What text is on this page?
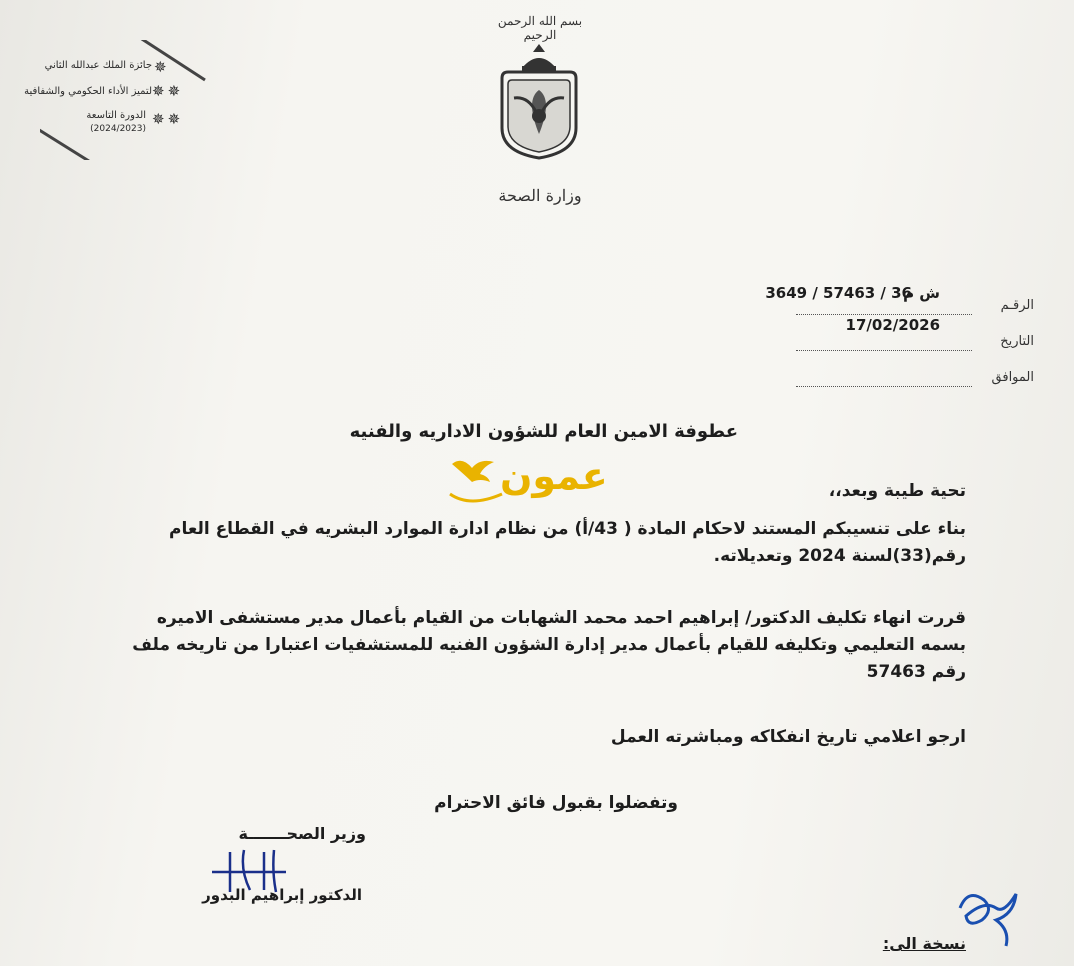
جائزة الملك عبدالله الثاني
لتميز الأداء الحكومي والشفافية
الدورة التاسعة
(2024/2023)
✵
✵✵
✵✵
بسم الله الرحمن الرحيم
وزارة الصحة
الرقـم
ش م
3649 / 57463 / 36
التاريخ
17/02/2026
الموافق
عطوفة الامين العام للشؤون الاداريه والفنيه
تحية طيبة وبعد،،
بناء على تنسيبكم المستند لاحكام المادة ( 43/أ) من نظام ادارة الموارد البشريه في القطاع العام
رقم(33)لسنة 2024 وتعديلاته.
قررت انهاء تكليف الدكتور/ إبراهيم احمد محمد الشهابات من القيام بأعمال مدير مستشفى الاميره
بسمه التعليمي وتكليفه للقيام بأعمال مدير إدارة الشؤون الفنيه للمستشفيات اعتبارا من تاريخه ملف
رقم 57463
ارجو اعلامي تاريخ انفكاكه ومباشرته العمل
وتفضلوا بقبول فائق الاحترام
عمون
وزير الصحـــــــة
الدكتور إبراهيم البدور
نسخة الى:
